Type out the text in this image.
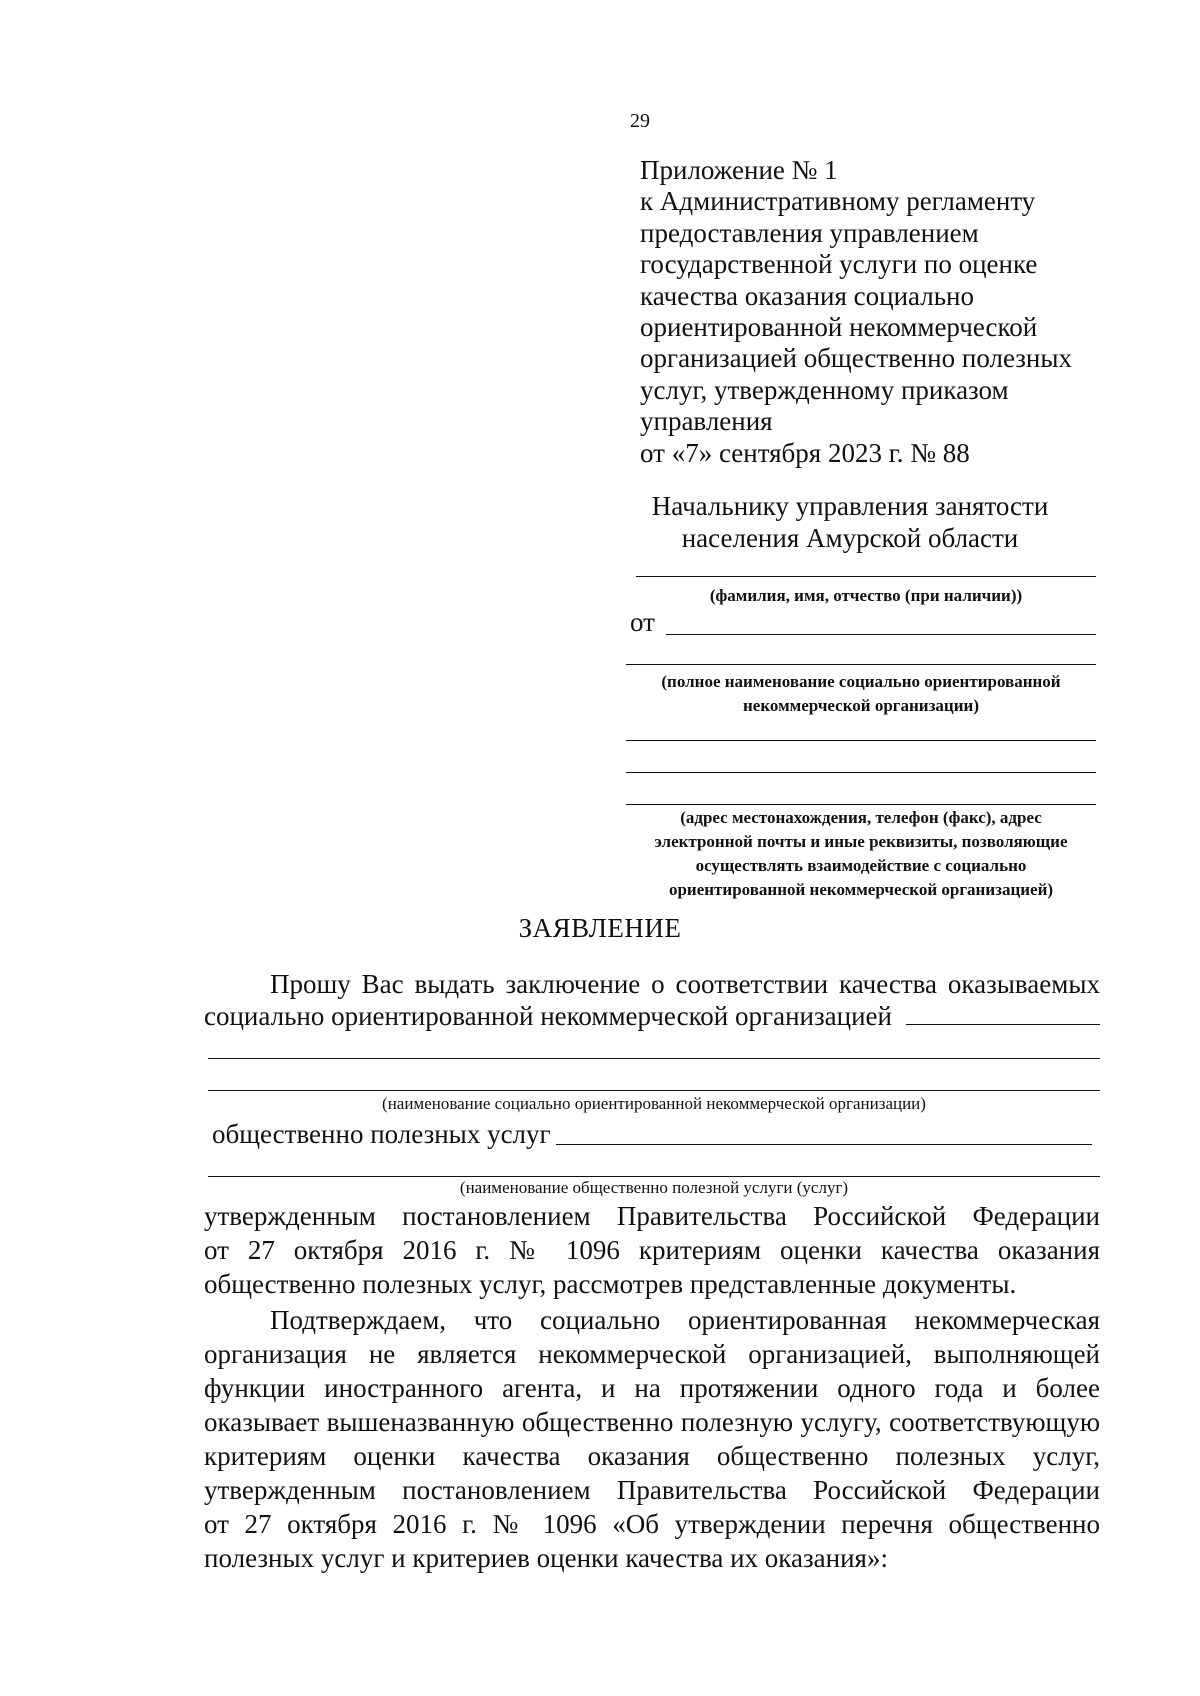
29
Приложение № 1
к Административному регламенту
предоставления управлением
государственной услуги по оценке
качества оказания социально
ориентированной некоммерческой
организацией общественно полезных
услуг, утвержденному приказом
управления
от «7» сентября 2023 г. № 88
Начальнику управления занятости
населения Амурской области
(фамилия, имя, отчество (при наличии))
от
(полное наименование социально ориентированной
некоммерческой организации)
(адрес местонахождения, телефон (факс), адрес
электронной почты и иные реквизиты, позволяющие
осуществлять взаимодействие с социально
ориентированной некоммерческой организацией)
ЗАЯВЛЕНИЕ
Прошу Вас выдать заключение о соответствии качества оказываемых
социально ориентированной некоммерческой организацией
(наименование социально ориентированной некоммерческой организации)
общественно полезных услуг
(наименование общественно полезной услуги (услуг)
утвержденным постановлением Правительства Российской Федерации
от 27 октября 2016 г. № 1096 критериям оценки качества оказания
общественно полезных услуг, рассмотрев представленные документы.
Подтверждаем, что социально ориентированная некоммерческая
организация не является некоммерческой организацией, выполняющей
функции иностранного агента, и на протяжении одного года и более
оказывает вышеназванную общественно полезную услугу, соответствующую
критериям оценки качества оказания общественно полезных услуг,
утвержденным постановлением Правительства Российской Федерации
от 27 октября 2016 г. № 1096 «Об утверждении перечня общественно
полезных услуг и критериев оценки качества их оказания»:
